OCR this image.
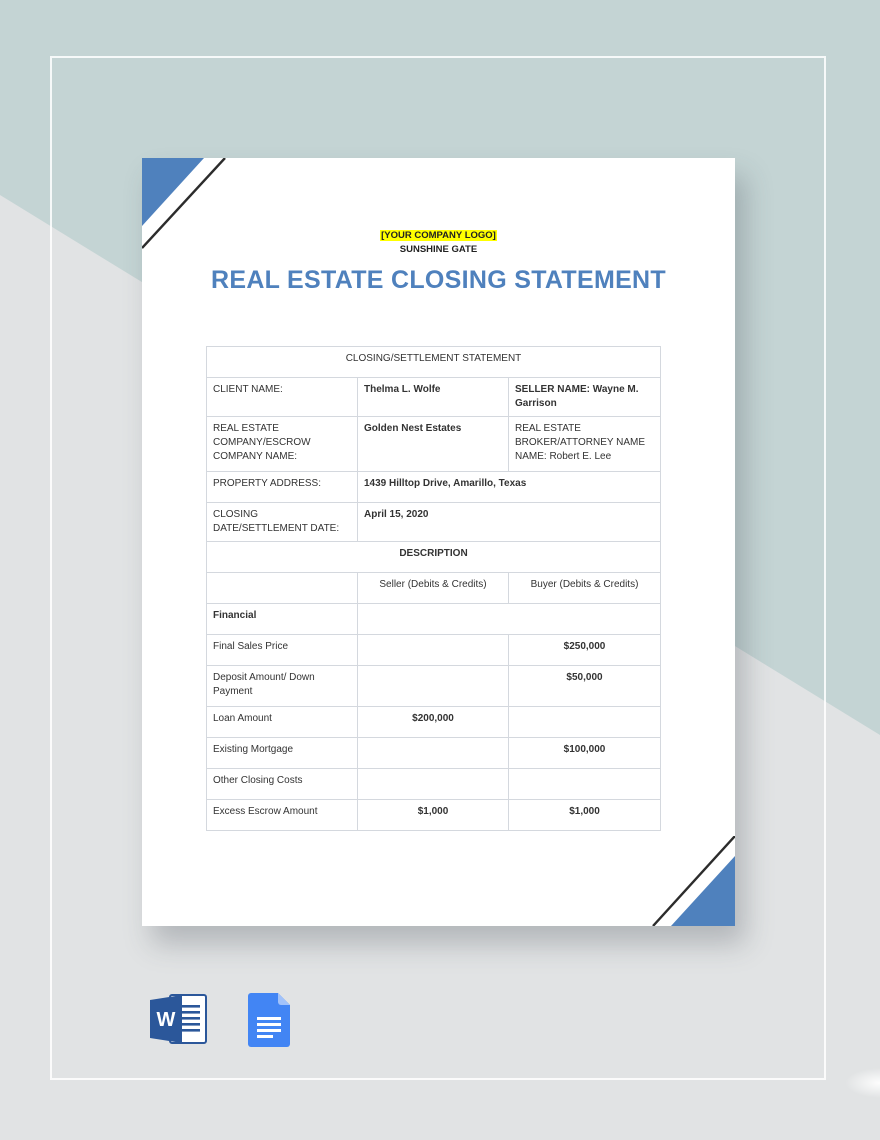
[YOUR COMPANY LOGO]
SUNSHINE GATE
REAL ESTATE CLOSING STATEMENT
CLOSING/SETTLEMENT STATEMENT		
CLIENT NAME:	Thelma L. Wolfe	SELLER NAME: Wayne M. Garrison
REAL ESTATE COMPANY/ESCROW COMPANY NAME:	Golden Nest Estates	REAL ESTATE BROKER/ATTORNEY NAME NAME: Robert E. Lee
PROPERTY ADDRESS:	1439 Hilltop Drive, Amarillo, Texas	
CLOSING DATE/SETTLEMENT DATE:	April 15, 2020	
DESCRIPTION		
	Seller (Debits & Credits)	Buyer (Debits & Credits)
Financial		
Final Sales Price		$250,000
Deposit Amount/ Down Payment		$50,000
Loan Amount	$200,000	
Existing Mortgage		$100,000
Other Closing Costs		
Excess Escrow Amount	$1,000	$1,000
W
